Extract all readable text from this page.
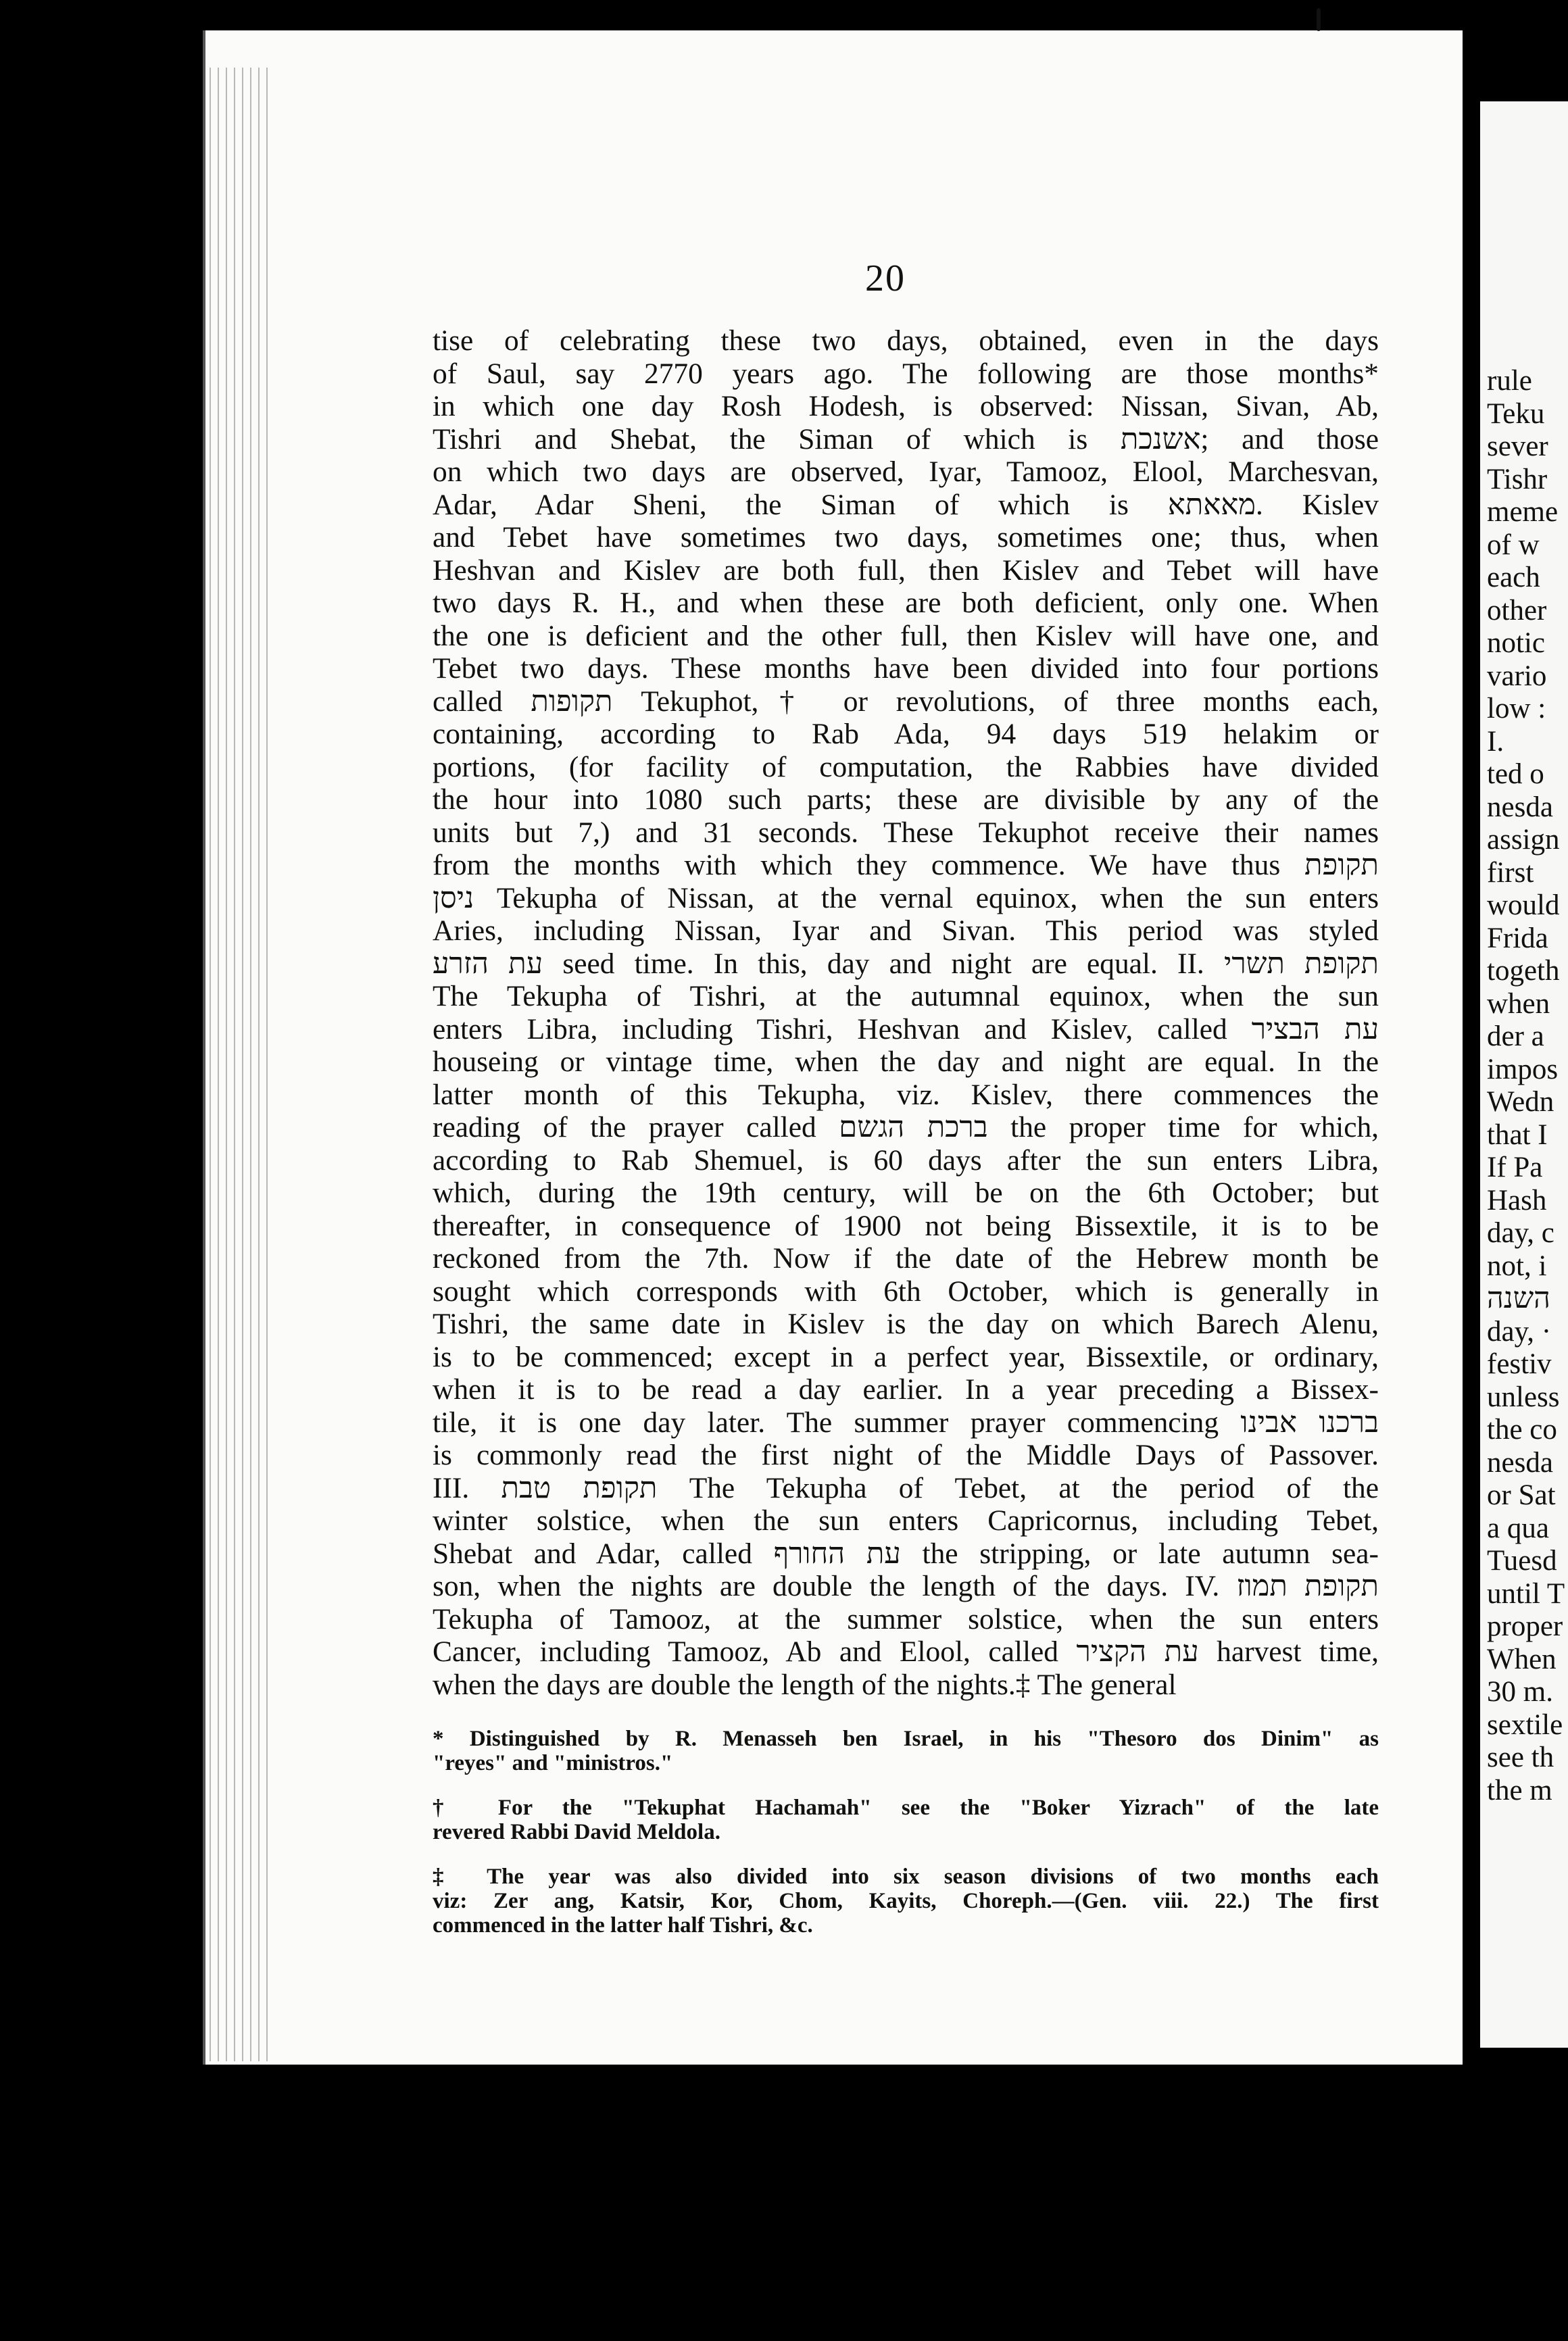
20
tise of celebrating these two days, obtained, even in the days
of Saul, say 2770 years ago. The following are those months*
in which one day Rosh Hodesh, is observed: Nissan, Sivan, Ab,
Tishri and Shebat, the Siman of which is אשנכת; and those
on which two days are observed, Iyar, Tamooz, Elool, Marchesvan,
Adar, Adar Sheni, the Siman of which is מאאתא. Kislev
and Tebet have sometimes two days, sometimes one; thus, when
Heshvan and Kislev are both full, then Kislev and Tebet will have
two days R. H., and when these are both deficient, only one. When
the one is deficient and the other full, then Kislev will have one, and
Tebet two days. These months have been divided into four portions
called תקופות Tekuphot,† or revolutions, of three months each,
containing, according to Rab Ada, 94 days 519 helakim or
portions, (for facility of computation, the Rabbies have divided
the hour into 1080 such parts; these are divisible by any of the
units but 7,) and 31 seconds. These Tekuphot receive their names
from the months with which they commence. We have thus תקופת
ניסן Tekupha of Nissan, at the vernal equinox, when the sun enters
Aries, including Nissan, Iyar and Sivan. This period was styled
עת הזרע seed time. In this, day and night are equal. II. תקופת תשרי
The Tekupha of Tishri, at the autumnal equinox, when the sun
enters Libra, including Tishri, Heshvan and Kislev, called עת הבציר
houseing or vintage time, when the day and night are equal. In the
latter month of this Tekupha, viz. Kislev, there commences the
reading of the prayer called ברכת הגשם the proper time for which,
according to Rab Shemuel, is 60 days after the sun enters Libra,
which, during the 19th century, will be on the 6th October; but
thereafter, in consequence of 1900 not being Bissextile, it is to be
reckoned from the 7th. Now if the date of the Hebrew month be
sought which corresponds with 6th October, which is generally in
Tishri, the same date in Kislev is the day on which Barech Alenu,
is to be commenced; except in a perfect year, Bissextile, or ordinary,
when it is to be read a day earlier. In a year preceding a Bissex-
tile, it is one day later. The summer prayer commencing ברכנו אבינו
is commonly read the first night of the Middle Days of Passover.
III. תקופת טבת The Tekupha of Tebet, at the period of the
winter solstice, when the sun enters Capricornus, including Tebet,
Shebat and Adar, called עת החורף the stripping, or late autumn sea-
son, when the nights are double the length of the days. IV. תקופת תמוז
Tekupha of Tamooz, at the summer solstice, when the sun enters
Cancer, including Tamooz, Ab and Elool, called עת הקציר harvest time,
when the days are double the length of the nights.‡ The general
* Distinguished by R. Menasseh ben Israel, in his "Thesoro dos Dinim" as
"reyes" and "ministros."
† For the "Tekuphat Hachamah" see the "Boker Yizrach" of the late
revered Rabbi David Meldola.
‡ The year was also divided into six season divisions of two months each
viz: Zer ang, Katsir, Kor, Chom, Kayits, Choreph.—(Gen. viii. 22.) The first
commenced in the latter half Tishri, &c.
rule
Teku
sever
Tishr
meme
of w
each
other
notic
vario
low :
I.
ted o
nesda
assign
first
would
Frida
togeth
when
der a
impos
Wedn
that I
If Pa
Hash
day, c
not, i
השנה
day, ·
festiv
unless
the co
nesda
or Sat
a qua
Tuesd
until T
proper
When
30 m.
sextile
see th
the m
